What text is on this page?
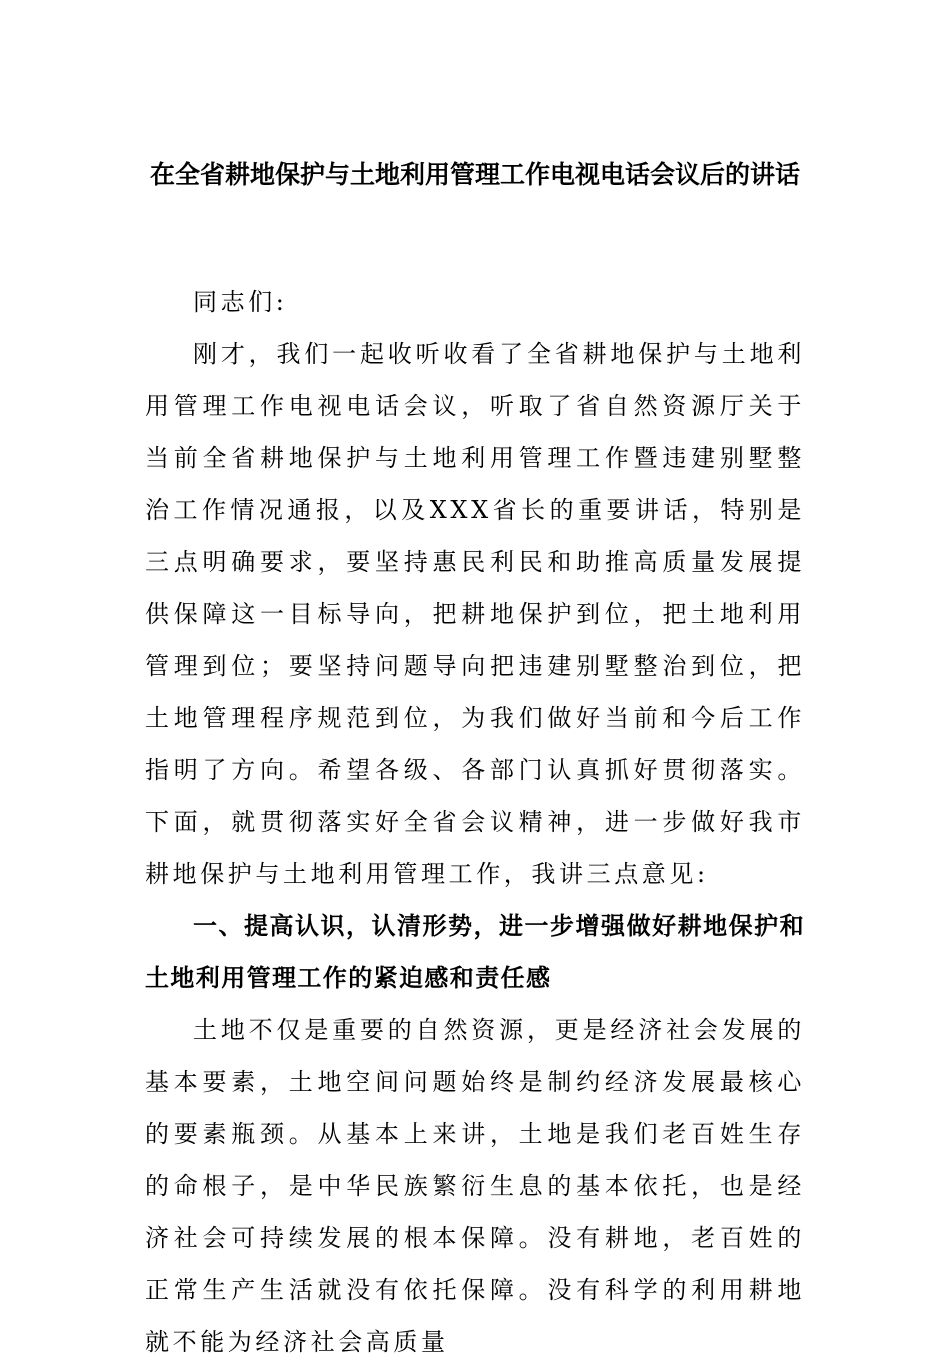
在全省耕地保护与土地利用管理工作电视电话会议后的讲话

同志们:

刚才，我们一起收听收看了全省耕地保护与土地利用管理工作电视电话会议，听取了省自然资源厅关于当前全省耕地保护与土地利用管理工作暨违建别墅整治工作情况通报，以及XXX省长的重要讲话，特别是三点明确要求，要坚持惠民利民和助推高质量发展提供保障这一目标导向，把耕地保护到位，把土地利用管理到位；要坚持问题导向把违建别墅整治到位，把土地管理程序规范到位，为我们做好当前和今后工作指明了方向。希望各级、各部门认真抓好贯彻落实。下面，就贯彻落实好全省会议精神，进一步做好我市耕地保护与土地利用管理工作，我讲三点意见:

一、提高认识，认清形势，进一步增强做好耕地保护和土地利用管理工作的紧迫感和责任感

土地不仅是重要的自然资源，更是经济社会发展的基本要素，土地空间问题始终是制约经济发展最核心的要素瓶颈。从基本上来讲，土地是我们老百姓生存的命根子，是中华民族繁衍生息的基本依托，也是经济社会可持续发展的根本保障。没有耕地，老百姓的正常生产生活就没有依托保障。没有科学的利用耕地就不能为经济社会高质量
